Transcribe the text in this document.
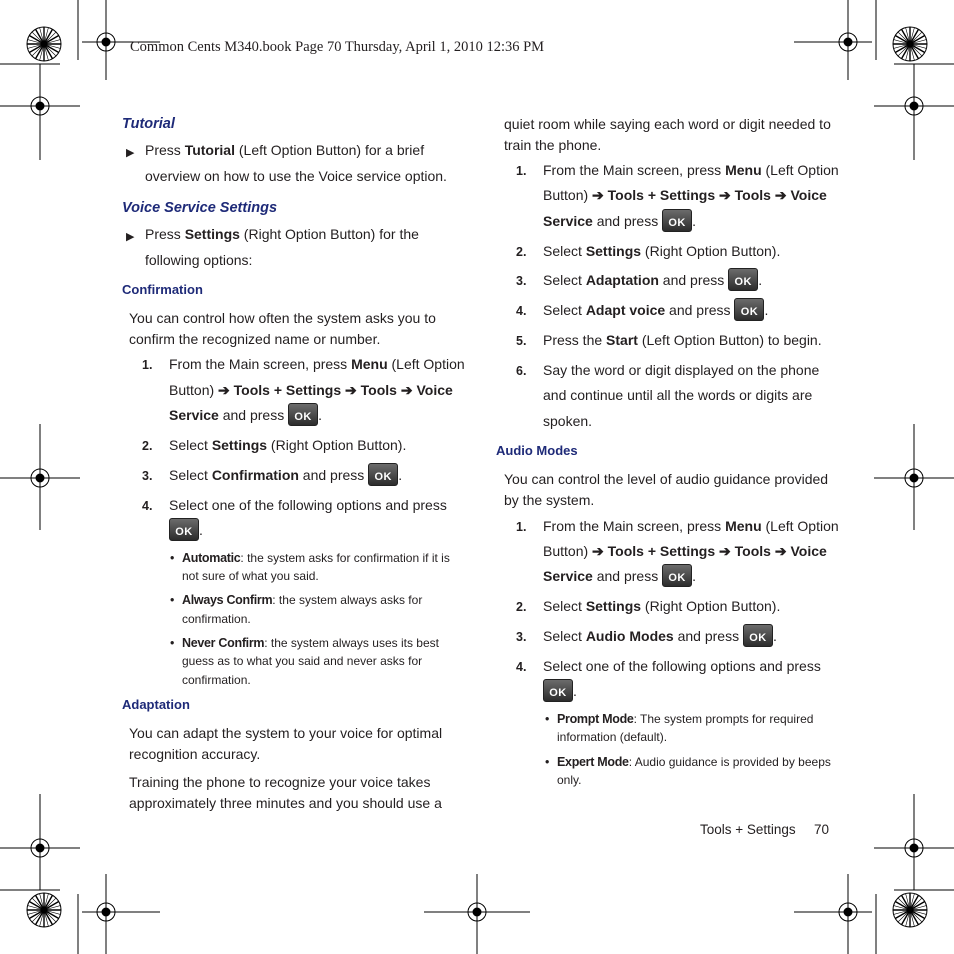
Common Cents M340.book Page 70 Thursday, April 1, 2010 12:36 PM
Tutorial
▶ Press Tutorial (Left Option Button) for a brief
overview on how to use the Voice service option.
Voice Service Settings
▶ Press Settings (Right Option Button) for the
following options:
Confirmation
You can control how often the system asks you to
confirm the recognized name or number.
1. From the Main screen, press Menu (Left Option
Button) ➔ Tools + Settings ➔ Tools ➔ Voice
Service and press OK .
2. Select Settings (Right Option Button).
3. Select Confirmation and press OK .
4. Select one of the following options and press
OK .
• Automatic: the system asks for confirmation if it is
not sure of what you said.
• Always Confirm: the system always asks for
confirmation.
• Never Confirm: the system always uses its best
guess as to what you said and never asks for
confirmation.
Adaptation
You can adapt the system to your voice for optimal
recognition accuracy.
Training the phone to recognize your voice takes
approximately three minutes and you should use a
quiet room while saying each word or digit needed to
train the phone.
1. From the Main screen, press Menu (Left Option
Button) ➔ Tools + Settings ➔ Tools ➔ Voice
Service and press OK .
2. Select Settings (Right Option Button).
3. Select Adaptation and press OK .
4. Select Adapt voice and press OK .
5. Press the Start (Left Option Button) to begin.
6. Say the word or digit displayed on the phone
and continue until all the words or digits are
spoken.
Audio Modes
You can control the level of audio guidance provided
by the system.
1. From the Main screen, press Menu (Left Option
Button) ➔ Tools + Settings ➔ Tools ➔ Voice
Service and press OK .
2. Select Settings (Right Option Button).
3. Select Audio Modes and press OK .
4. Select one of the following options and press
OK .
• Prompt Mode: The system prompts for required
information (default).
• Expert Mode: Audio guidance is provided by beeps
only.
Tools + Settings 70
